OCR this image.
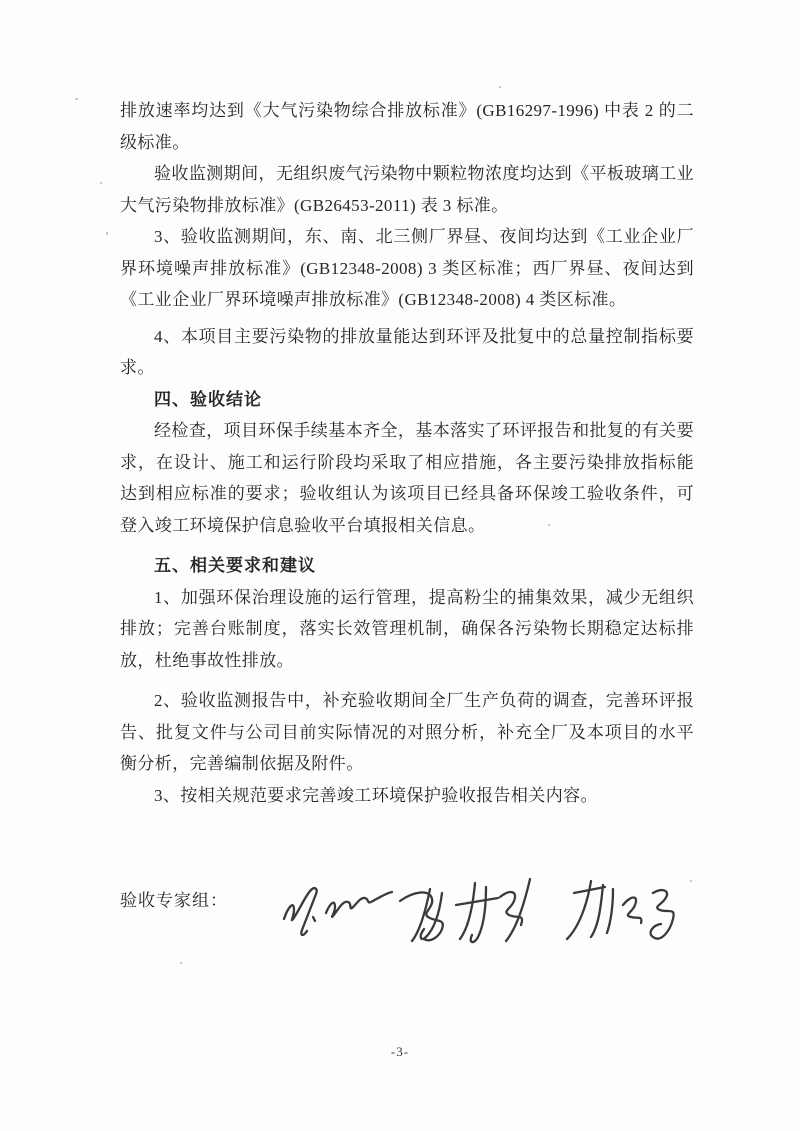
排放速率均达到《大气污染物综合排放标准》(GB16297-1996) 中表 2 的二级标准。

验收监测期间，无组织废气污染物中颗粒物浓度均达到《平板玻璃工业大气污染物排放标准》(GB26453-2011) 表 3 标准。

3、验收监测期间，东、南、北三侧厂界昼、夜间均达到《工业企业厂界环境噪声排放标准》(GB12348-2008) 3 类区标准；西厂界昼、夜间达到《工业企业厂界环境噪声排放标准》(GB12348-2008) 4 类区标准。

4、本项目主要污染物的排放量能达到环评及批复中的总量控制指标要求。

四、验收结论

经检查，项目环保手续基本齐全，基本落实了环评报告和批复的有关要求，在设计、施工和运行阶段均采取了相应措施，各主要污染排放指标能达到相应标准的要求；验收组认为该项目已经具备环保竣工验收条件，可登入竣工环境保护信息验收平台填报相关信息。

五、相关要求和建议

1、加强环保治理设施的运行管理，提高粉尘的捕集效果，减少无组织排放；完善台账制度，落实长效管理机制，确保各污染物长期稳定达标排放，杜绝事故性排放。

2、验收监测报告中，补充验收期间全厂生产负荷的调查，完善环评报告、批复文件与公司目前实际情况的对照分析，补充全厂及本项目的水平衡分析，完善编制依据及附件。

3、按相关规范要求完善竣工环境保护验收报告相关内容。

验收专家组：
-3-
